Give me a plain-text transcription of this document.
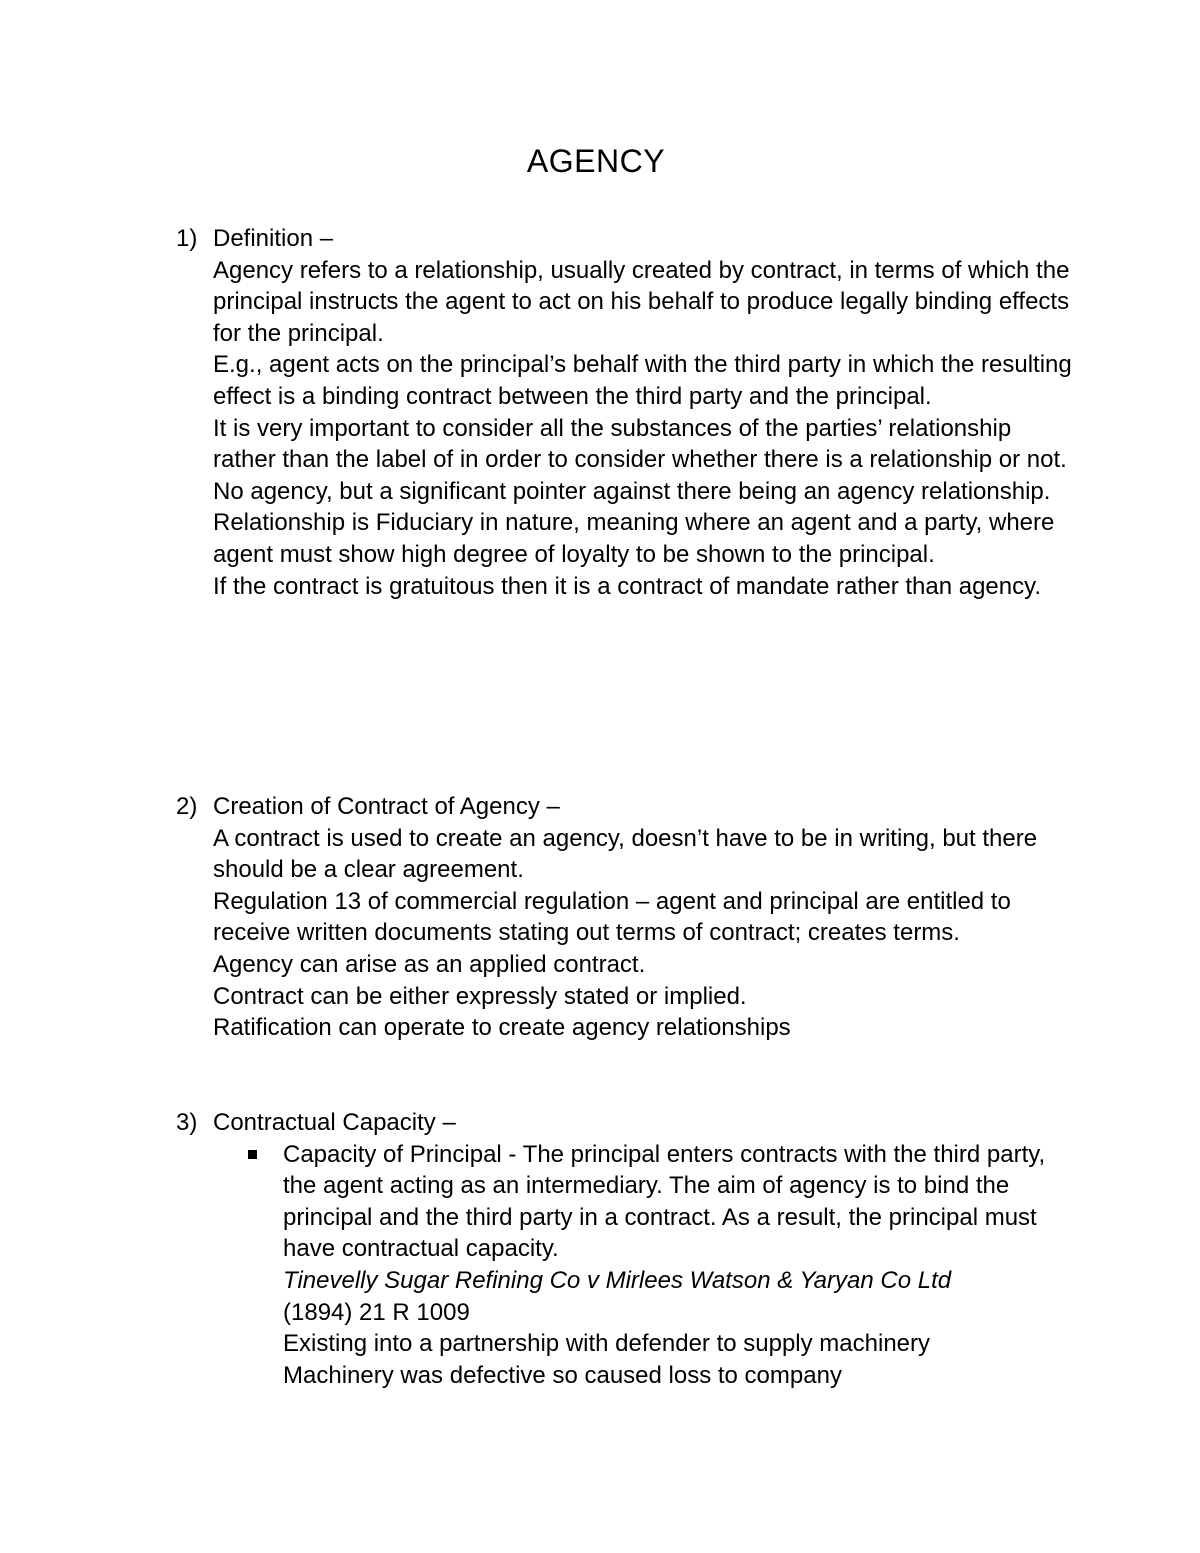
AGENCY
1) Definition –
Agency refers to a relationship, usually created by contract, in terms of which the principal instructs the agent to act on his behalf to produce legally binding effects for the principal.
E.g., agent acts on the principal’s behalf with the third party in which the resulting effect is a binding contract between the third party and the principal.
It is very important to consider all the substances of the parties’ relationship rather than the label of in order to consider whether there is a relationship or not.
No agency, but a significant pointer against there being an agency relationship.
Relationship is Fiduciary in nature, meaning where an agent and a party, where agent must show high degree of loyalty to be shown to the principal.
If the contract is gratuitous then it is a contract of mandate rather than agency.
2) Creation of Contract of Agency –
A contract is used to create an agency, doesn’t have to be in writing, but there should be a clear agreement.
Regulation 13 of commercial regulation – agent and principal are entitled to receive written documents stating out terms of contract; creates terms.
Agency can arise as an applied contract.
Contract can be either expressly stated or implied.
Ratification can operate to create agency relationships
3) Contractual Capacity –
Capacity of Principal - The principal enters contracts with the third party, the agent acting as an intermediary. The aim of agency is to bind the principal and the third party in a contract. As a result, the principal must have contractual capacity.
Tinevelly Sugar Refining Co v Mirlees Watson & Yaryan Co Ltd
(1894) 21 R 1009
Existing into a partnership with defender to supply machinery
Machinery was defective so caused loss to company
